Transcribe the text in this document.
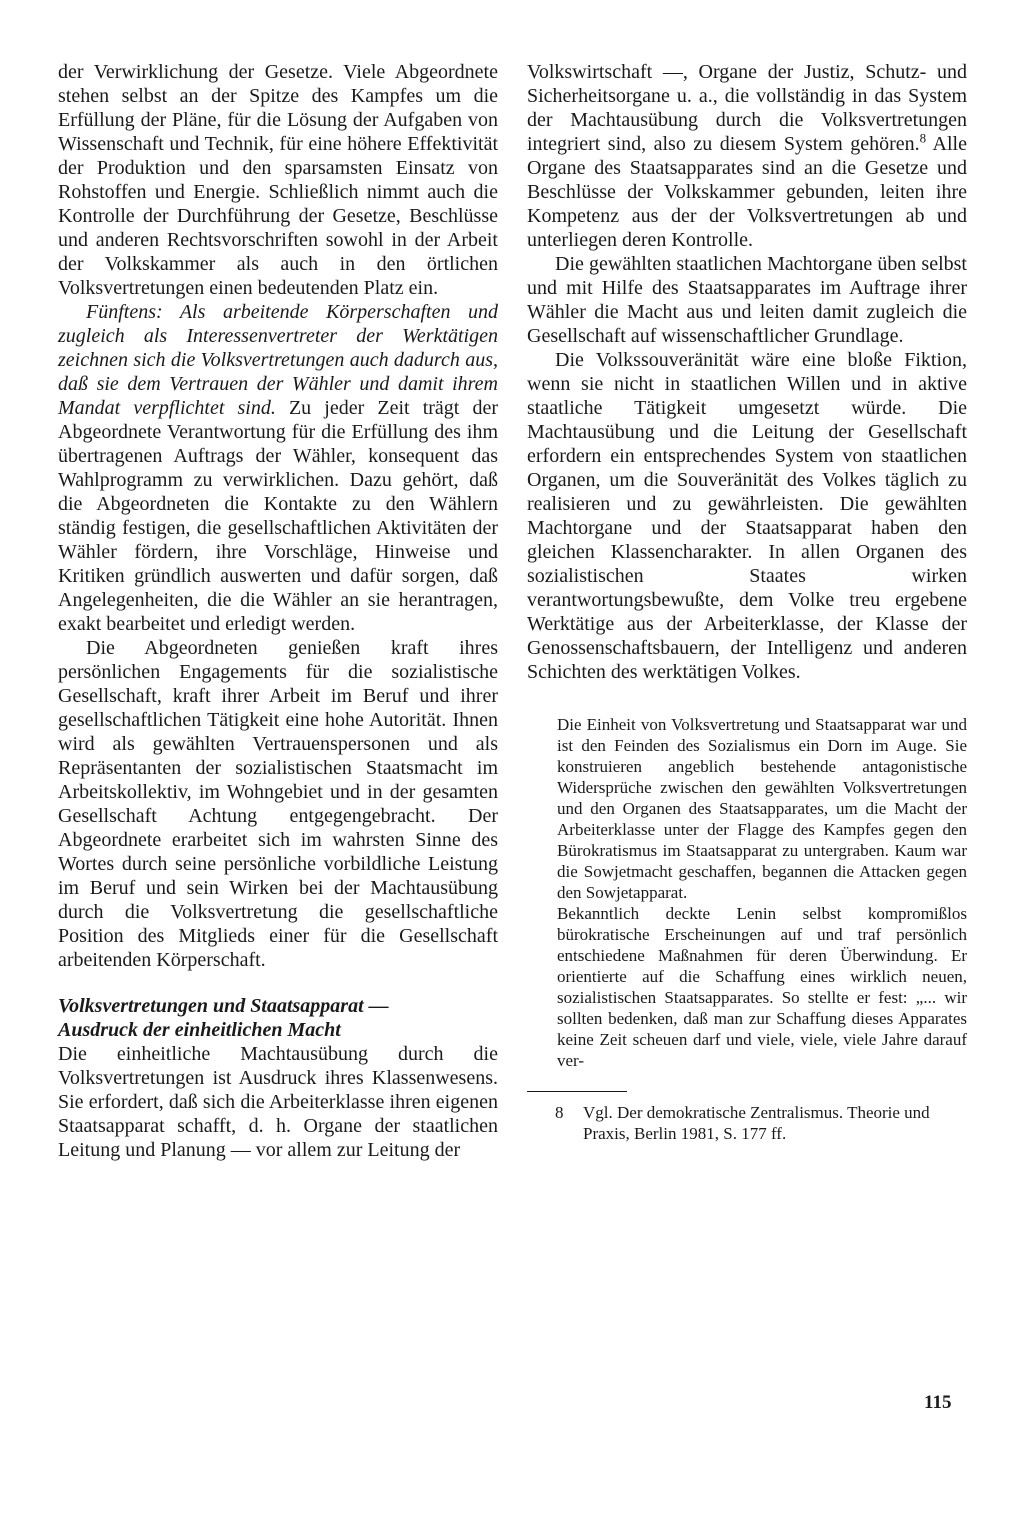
der Verwirklichung der Gesetze. Viele Abgeordnete stehen selbst an der Spitze des Kampfes um die Erfüllung der Pläne, für die Lösung der Aufgaben von Wissenschaft und Technik, für eine höhere Effektivität der Produktion und den sparsamsten Einsatz von Rohstoffen und Energie. Schließlich nimmt auch die Kontrolle der Durchführung der Gesetze, Beschlüsse und anderen Rechtsvorschriften sowohl in der Arbeit der Volkskammer als auch in den örtlichen Volksvertretungen einen bedeutenden Platz ein.

Fünftens: Als arbeitende Körperschaften und zugleich als Interessenvertreter der Werktätigen zeichnen sich die Volksvertretungen auch dadurch aus, daß sie dem Vertrauen der Wähler und damit ihrem Mandat verpflichtet sind. Zu jeder Zeit trägt der Abgeordnete Verantwortung für die Erfüllung des ihm übertragenen Auftrags der Wähler, konsequent das Wahlprogramm zu verwirklichen. Dazu gehört, daß die Abgeordneten die Kontakte zu den Wählern ständig festigen, die gesellschaftlichen Aktivitäten der Wähler fördern, ihre Vorschläge, Hinweise und Kritiken gründlich auswerten und dafür sorgen, daß Angelegenheiten, die die Wähler an sie herantragen, exakt bearbeitet und erledigt werden.

Die Abgeordneten genießen kraft ihres persönlichen Engagements für die sozialistische Gesellschaft, kraft ihrer Arbeit im Beruf und ihrer gesellschaftlichen Tätigkeit eine hohe Autorität. Ihnen wird als gewählten Vertrauenspersonen und als Repräsentanten der sozialistischen Staatsmacht im Arbeitskollektiv, im Wohngebiet und in der gesamten Gesellschaft Achtung entgegengebracht. Der Abgeordnete erarbeitet sich im wahrsten Sinne des Wortes durch seine persönliche vorbildliche Leistung im Beruf und sein Wirken bei der Machtausübung durch die Volksvertretung die gesellschaftliche Position des Mitglieds einer für die Gesellschaft arbeitenden Körperschaft.

Volksvertretungen und Staatsapparat —
Ausdruck der einheitlichen Macht

Die einheitliche Machtausübung durch die Volksvertretungen ist Ausdruck ihres Klassenwesens. Sie erfordert, daß sich die Arbeiterklasse ihren eigenen Staatsapparat schafft, d. h. Organe der staatlichen Leitung und Planung — vor allem zur Leitung der

Volkswirtschaft —, Organe der Justiz, Schutz- und Sicherheitsorgane u. a., die vollständig in das System der Machtausübung durch die Volksvertretungen integriert sind, also zu diesem System gehören.$^8$ Alle Organe des Staatsapparates sind an die Gesetze und Beschlüsse der Volkskammer gebunden, leiten ihre Kompetenz aus der der Volksvertretungen ab und unterliegen deren Kontrolle.

Die gewählten staatlichen Machtorgane üben selbst und mit Hilfe des Staatsapparates im Auftrage ihrer Wähler die Macht aus und leiten damit zugleich die Gesellschaft auf wissenschaftlicher Grundlage.

Die Volkssouveränität wäre eine bloße Fiktion, wenn sie nicht in staatlichen Willen und in aktive staatliche Tätigkeit umgesetzt würde. Die Machtausübung und die Leitung der Gesellschaft erfordern ein entsprechendes System von staatlichen Organen, um die Souveränität des Volkes täglich zu realisieren und zu gewährleisten. Die gewählten Machtorgane und der Staatsapparat haben den gleichen Klassencharakter. In allen Organen des sozialistischen Staates wirken verantwortungsbewußte, dem Volke treu ergebene Werktätige aus der Arbeiterklasse, der Klasse der Genossenschaftsbauern, der Intelligenz und anderen Schichten des werktätigen Volkes.

Die Einheit von Volksvertretung und Staatsapparat war und ist den Feinden des Sozialismus ein Dorn im Auge. Sie konstruieren angeblich bestehende antagonistische Widersprüche zwischen den gewählten Volksvertretungen und den Organen des Staatsapparates, um die Macht der Arbeiterklasse unter der Flagge des Kampfes gegen den Bürokratismus im Staatsapparat zu untergraben. Kaum war die Sowjetmacht geschaffen, begannen die Attacken gegen den Sowjetapparat.

Bekanntlich deckte Lenin selbst kompromißlos bürokratische Erscheinungen auf und traf persönlich entschiedene Maßnahmen für deren Überwindung. Er orientierte auf die Schaffung eines wirklich neuen, sozialistischen Staatsapparates. So stellte er fest: „... wir sollten bedenken, daß man zur Schaffung dieses Apparates keine Zeit scheuen darf und viele, viele, viele Jahre darauf ver-

8 Vgl. Der demokratische Zentralismus. Theorie und Praxis, Berlin 1981, S. 177 ff.

115
